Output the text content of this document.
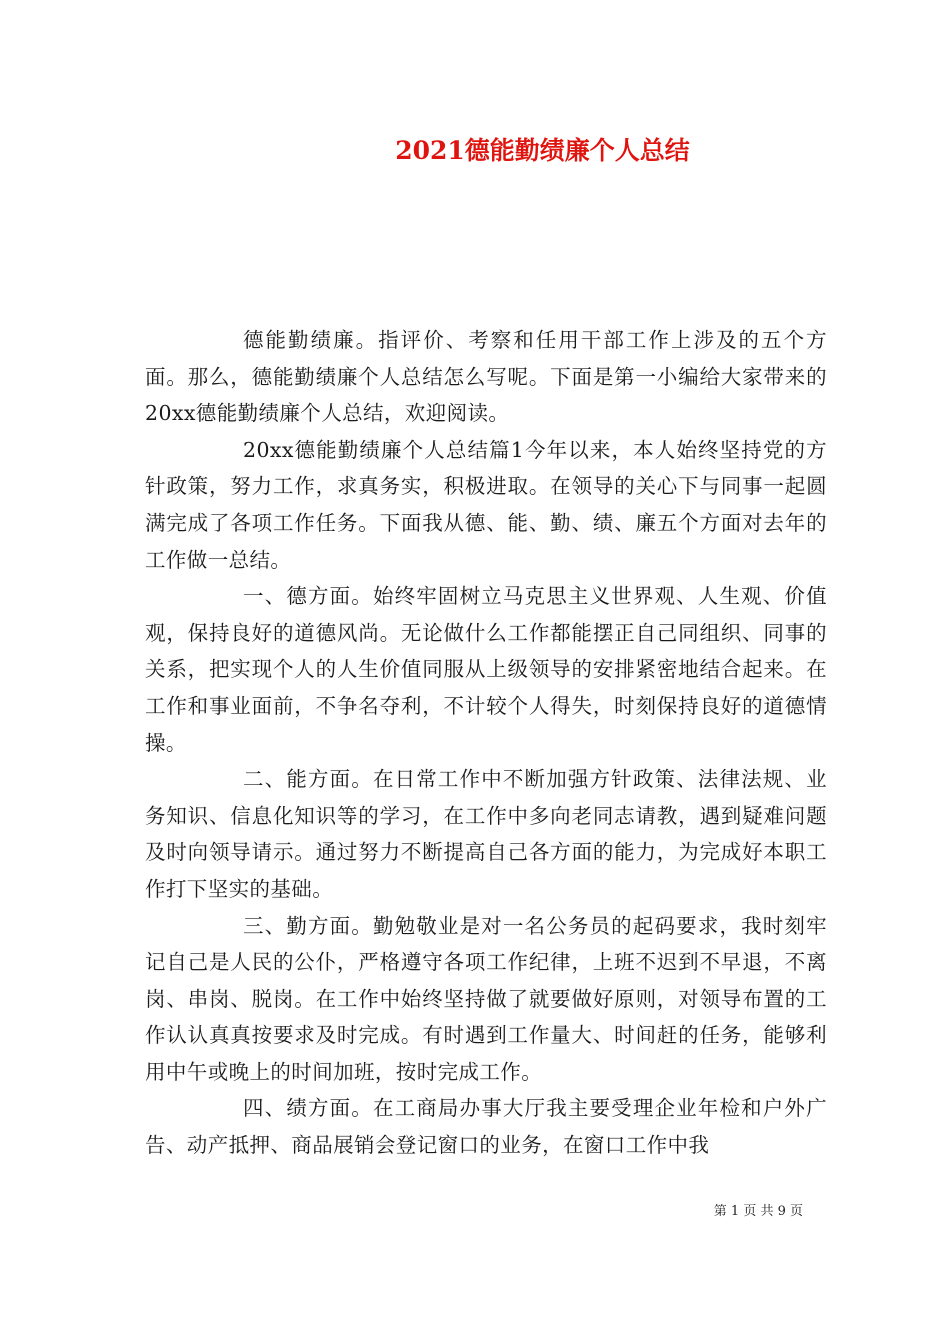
2021德能勤绩廉个人总结

德能勤绩廉。指评价、考察和任用干部工作上涉及的五个方面。那么，德能勤绩廉个人总结怎么写呢。下面是第一小编给大家带来的20xx德能勤绩廉个人总结，欢迎阅读。

20xx德能勤绩廉个人总结篇1今年以来，本人始终坚持党的方针政策，努力工作，求真务实，积极进取。在领导的关心下与同事一起圆满完成了各项工作任务。下面我从德、能、勤、绩、廉五个方面对去年的工作做一总结。

一、德方面。始终牢固树立马克思主义世界观、人生观、价值观，保持良好的道德风尚。无论做什么工作都能摆正自己同组织、同事的关系，把实现个人的人生价值同服从上级领导的安排紧密地结合起来。在工作和事业面前，不争名夺利，不计较个人得失，时刻保持良好的道德情操。

二、能方面。在日常工作中不断加强方针政策、法律法规、业务知识、信息化知识等的学习，在工作中多向老同志请教，遇到疑难问题及时向领导请示。通过努力不断提高自己各方面的能力，为完成好本职工作打下坚实的基础。

三、勤方面。勤勉敬业是对一名公务员的起码要求，我时刻牢记自己是人民的公仆，严格遵守各项工作纪律，上班不迟到不早退，不离岗、串岗、脱岗。在工作中始终坚持做了就要做好原则，对领导布置的工作认认真真按要求及时完成。有时遇到工作量大、时间赶的任务，能够利用中午或晚上的时间加班，按时完成工作。

四、绩方面。在工商局办事大厅我主要受理企业年检和户外广告、动产抵押、商品展销会登记窗口的业务，在窗口工作中我

第 1 页 共 9 页
